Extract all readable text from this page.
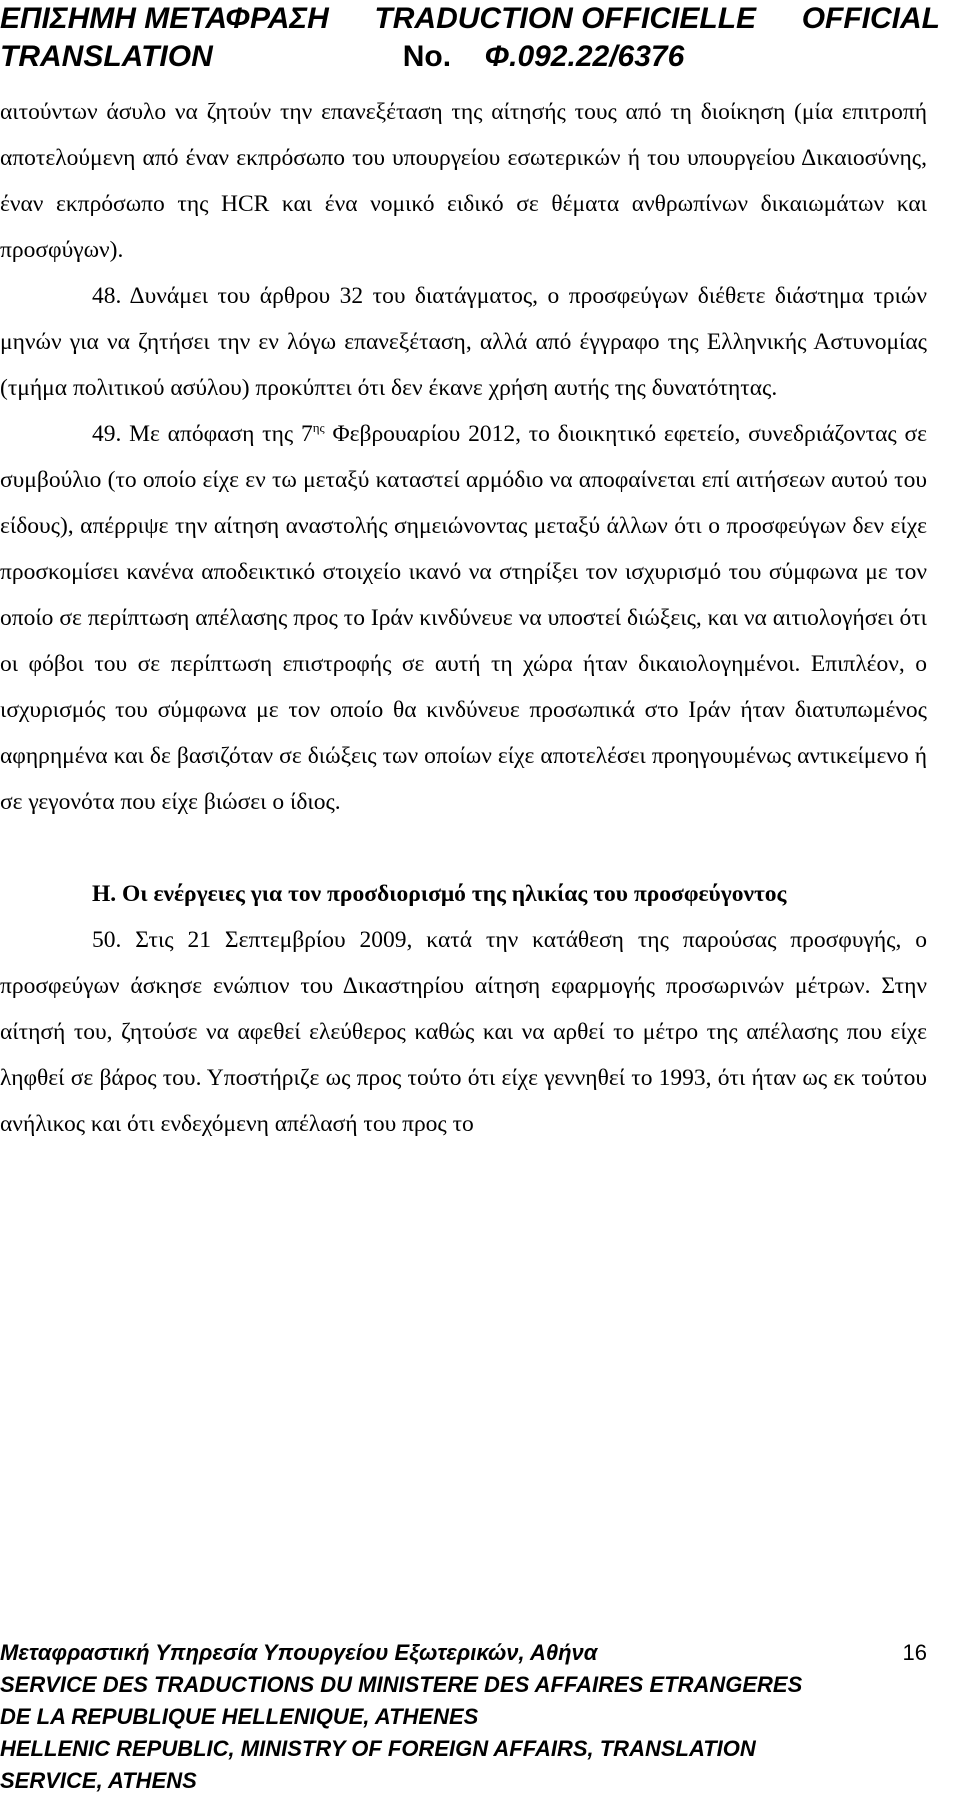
ΕΠΙΣΗΜΗ ΜΕΤΑΦΡΑΣΗ TRADUCTION OFFICIELLE OFFICIAL
TRANSLATION	No. Φ.092.22/6376

αιτούντων άσυλο να ζητούν την επανεξέταση της αίτησής τους από τη διοίκηση (μία επιτροπή αποτελούμενη από έναν εκπρόσωπο του υπουργείου εσωτερικών ή του υπουργείου Δικαιοσύνης, έναν εκπρόσωπο της HCR και ένα νομικό ειδικό σε θέματα ανθρωπίνων δικαιωμάτων και προσφύγων).

48. Δυνάμει του άρθρου 32 του διατάγματος, ο προσφεύγων διέθετε διάστημα τριών μηνών για να ζητήσει την εν λόγω επανεξέταση, αλλά από έγγραφο της Ελληνικής Αστυνομίας (τμήμα πολιτικού ασύλου) προκύπτει ότι δεν έκανε χρήση αυτής της δυνατότητας.

49. Με απόφαση της $7^{\eta\varsigma}$ Φεβρουαρίου 2012, το διοικητικό εφετείο, συνεδριάζοντας σε συμβούλιο (το οποίο είχε εν τω μεταξύ καταστεί αρμόδιο να αποφαίνεται επί αιτήσεων αυτού του είδους), απέρριψε την αίτηση αναστολής σημειώνοντας μεταξύ άλλων ότι ο προσφεύγων δεν είχε προσκομίσει κανένα αποδεικτικό στοιχείο ικανό να στηρίξει τον ισχυρισμό του σύμφωνα με τον οποίο σε περίπτωση απέλασης προς το Ιράν κινδύνευε να υποστεί διώξεις, και να αιτιολογήσει ότι οι φόβοι του σε περίπτωση επιστροφής σε αυτή τη χώρα ήταν δικαιολογημένοι. Επιπλέον, ο ισχυρισμός του σύμφωνα με τον οποίο θα κινδύνευε προσωπικά στο Ιράν ήταν διατυπωμένος αφηρημένα και δε βασιζόταν σε διώξεις των οποίων είχε αποτελέσει προηγουμένως αντικείμενο ή σε γεγονότα που είχε βιώσει ο ίδιος.

Η. Οι ενέργειες για τον προσδιορισμό της ηλικίας του προσφεύγοντος

50. Στις 21 Σεπτεμβρίου 2009, κατά την κατάθεση της παρούσας προσφυγής, ο προσφεύγων άσκησε ενώπιον του Δικαστηρίου αίτηση εφαρμογής προσωρινών μέτρων. Στην αίτησή του, ζητούσε να αφεθεί ελεύθερος καθώς και να αρθεί το μέτρο της απέλασης που είχε ληφθεί σε βάρος του. Υποστήριζε ως προς τούτο ότι είχε γεννηθεί το 1993, ότι ήταν ως εκ τούτου ανήλικος και ότι ενδεχόμενη απέλασή του προς το

Μεταφραστική Υπηρεσία Υπουργείου Εξωτερικών, Αθήνα	16
SERVICE DES TRADUCTIONS DU MINISTERE DES AFFAIRES ETRANGERES
DE LA REPUBLIQUE HELLENIQUE, ATHENES
HELLENIC REPUBLIC, MINISTRY OF FOREIGN AFFAIRS, TRANSLATION
SERVICE, ATHENS
